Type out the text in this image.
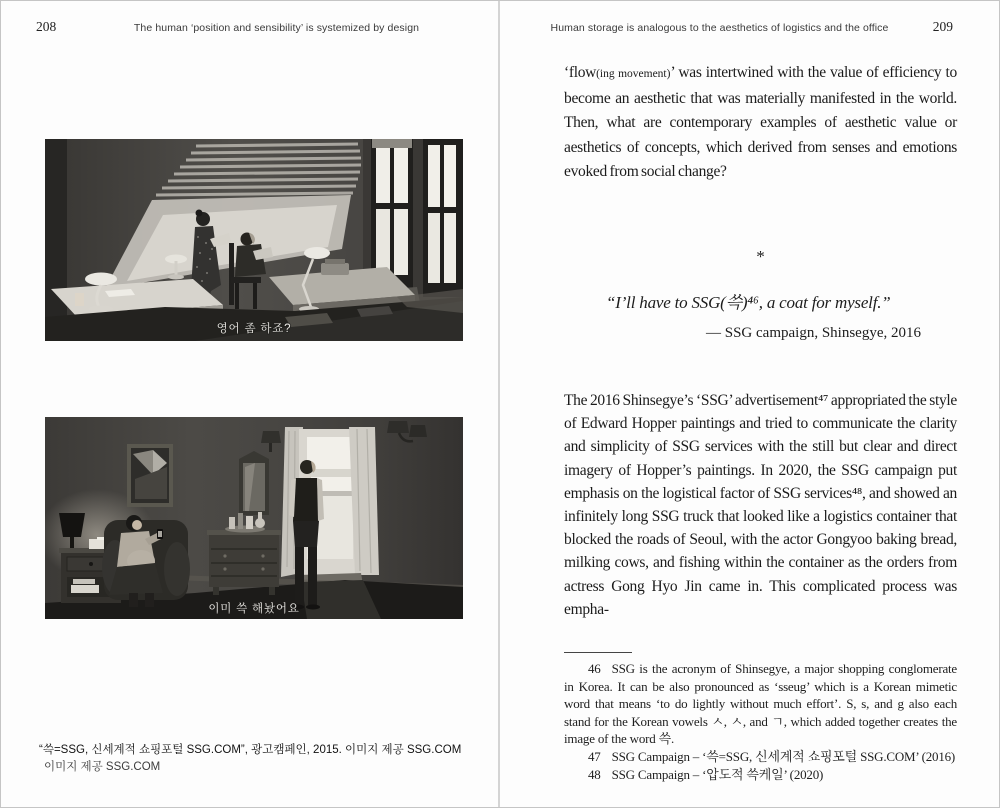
208	The human ‘position and sensibility’ is systemized by design
영어 좀 하죠?
이미 쓱 해놨어요
“쓱=SSG, 신세계적 쇼핑포털 SSG.COM”, 광고캠페인, 2015. 이미지 제공 SSG.COM
이미지 제공 SSG.COM
Human storage is analogous to the aesthetics of logistics and the office	209

‘flow(ing movement)’ was intertwined with the value of efficiency to become an aesthetic that was materially manifested in the world. Then, what are contemporary examples of aesthetic value or aesthetics of concepts, which derived from senses and emotions evoked from social change?

*
“I’ll have to SSG(쓱)⁴⁶, a coat for myself.”
— SSG campaign, Shinsegye, 2016

The 2016 Shinsegye’s ‘SSG’ advertisement⁴⁷ appropriated the style of Edward Hopper paintings and tried to communicate the clarity and simplicity of SSG services with the still but clear and direct imagery of Hopper’s paintings. In 2020, the SSG campaign put emphasis on the logistical factor of SSG services⁴⁸, and showed an infinitely long SSG truck that looked like a logistics container that blocked the roads of Seoul, with the actor Gongyoo baking bread, milking cows, and fishing within the container as the orders from actress Gong Hyo Jin came in. This complicated process was empha-

46 SSG is the acronym of Shinsegye, a major shopping conglomerate in Korea. It can be also pronounced as ‘sseug’ which is a Korean mimetic word that means ‘to do lightly without much effort’. S, s, and g also each stand for the Korean vowels ㅅ, ㅅ, and ㄱ, which added together creates the image of the word 쓱.

47 SSG Campaign – ‘쓱=SSG, 신세계적 쇼핑포털 SSG.COM’ (2016)

48 SSG Campaign – ‘압도적 쓱케일’ (2020)
